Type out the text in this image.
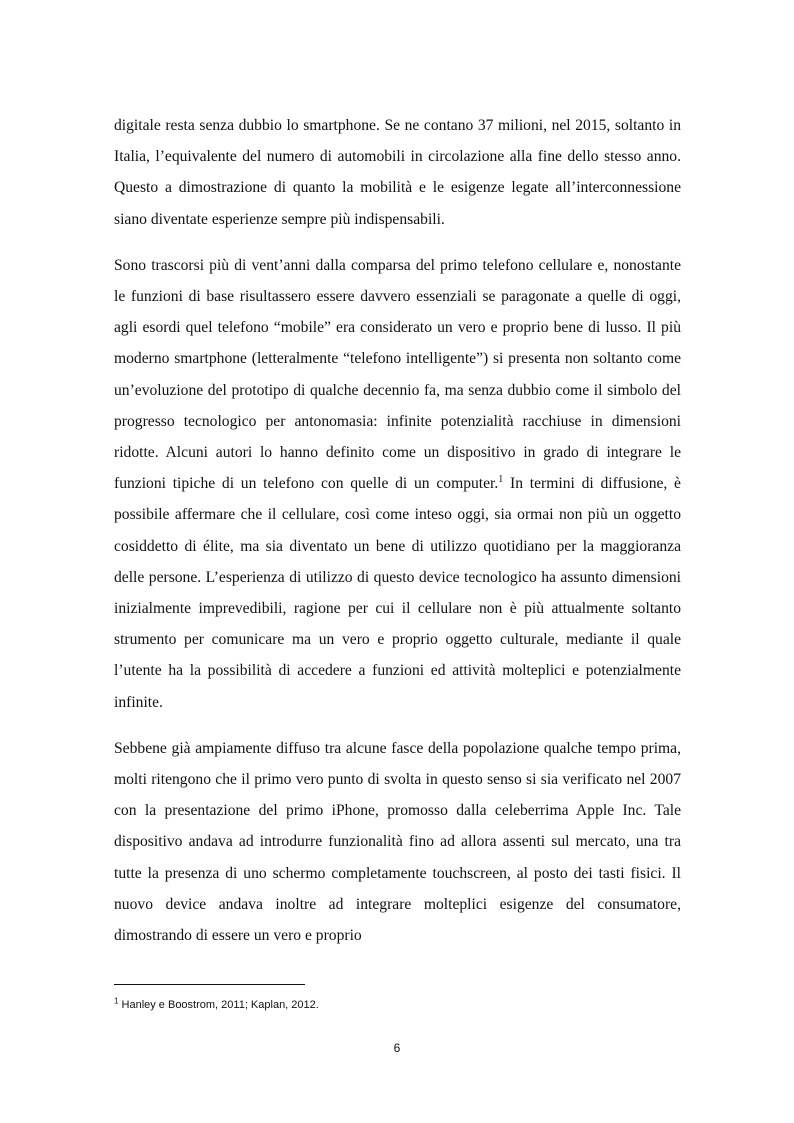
digitale resta senza dubbio lo smartphone. Se ne contano 37 milioni, nel 2015, soltanto in Italia, l’equivalente del numero di automobili in circolazione alla fine dello stesso anno. Questo a dimostrazione di quanto la mobilità e le esigenze legate all’interconnessione siano diventate esperienze sempre più indispensabili.

Sono trascorsi più di vent’anni dalla comparsa del primo telefono cellulare e, nonostante le funzioni di base risultassero essere davvero essenziali se paragonate a quelle di oggi, agli esordi quel telefono “mobile” era considerato un vero e proprio bene di lusso. Il più moderno smartphone (letteralmente “telefono intelligente”) si presenta non soltanto come un’evoluzione del prototipo di qualche decennio fa, ma senza dubbio come il simbolo del progresso tecnologico per antonomasia: infinite potenzialità racchiuse in dimensioni ridotte. Alcuni autori lo hanno definito come un dispositivo in grado di integrare le funzioni tipiche di un telefono con quelle di un computer.$^1$ In termini di diffusione, è possibile affermare che il cellulare, così come inteso oggi, sia ormai non più un oggetto cosiddetto di élite, ma sia diventato un bene di utilizzo quotidiano per la maggioranza delle persone. L’esperienza di utilizzo di questo device tecnologico ha assunto dimensioni inizialmente imprevedibili, ragione per cui il cellulare non è più attualmente soltanto strumento per comunicare ma un vero e proprio oggetto culturale, mediante il quale l’utente ha la possibilità di accedere a funzioni ed attività molteplici e potenzialmente infinite.

Sebbene già ampiamente diffuso tra alcune fasce della popolazione qualche tempo prima, molti ritengono che il primo vero punto di svolta in questo senso si sia verificato nel 2007 con la presentazione del primo iPhone, promosso dalla celeberrima Apple Inc. Tale dispositivo andava ad introdurre funzionalità fino ad allora assenti sul mercato, una tra tutte la presenza di uno schermo completamente touchscreen, al posto dei tasti fisici. Il nuovo device andava inoltre ad integrare molteplici esigenze del consumatore, dimostrando di essere un vero e proprio

$^1$ Hanley e Boostrom, 2011; Kaplan, 2012.
6
